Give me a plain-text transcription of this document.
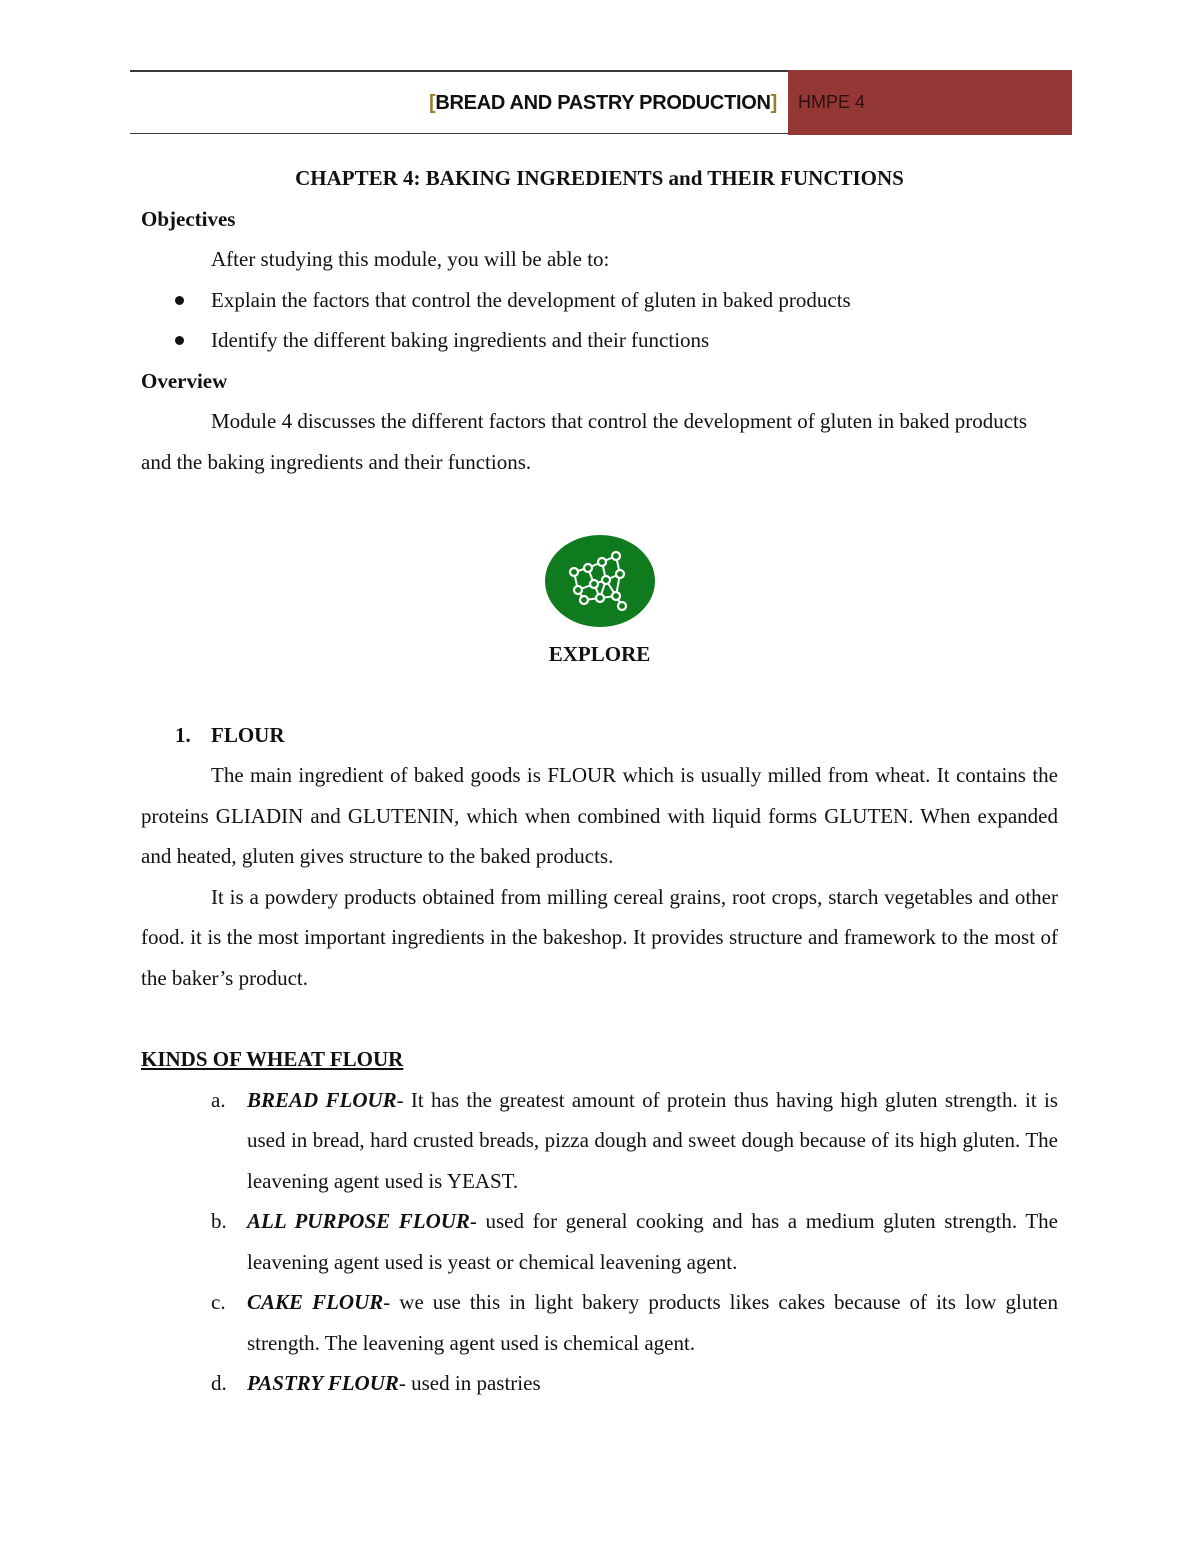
[ BREAD AND PASTRY PRODUCTION ]	HMPE 4

CHAPTER 4: BAKING INGREDIENTS and THEIR FUNCTIONS

Objectives

After studying this module, you will be able to:

Explain the factors that control the development of gluten in baked products
Identify the different baking ingredients and their functions

Overview

Module 4 discusses the different factors that control the development of gluten in baked products and the baking ingredients and their functions.

EXPLORE

1. FLOUR

The main ingredient of baked goods is FLOUR which is usually milled from wheat. It contains the proteins GLIADIN and GLUTENIN, which when combined with liquid forms GLUTEN. When expanded and heated, gluten gives structure to the baked products.

It is a powdery products obtained from milling cereal grains, root crops, starch vegetables and other food. it is the most important ingredients in the bakeshop. It provides structure and framework to the most of the baker’s product.

KINDS OF WHEAT FLOUR

a. BREAD FLOUR- It has the greatest amount of protein thus having high gluten strength. it is used in bread, hard crusted breads, pizza dough and sweet dough because of its high gluten. The leavening agent used is YEAST.
b. ALL PURPOSE FLOUR- used for general cooking and has a medium gluten strength. The leavening agent used is yeast or chemical leavening agent.
c. CAKE FLOUR- we use this in light bakery products likes cakes because of its low gluten strength. The leavening agent used is chemical agent.
d. PASTRY FLOUR- used in pastries
